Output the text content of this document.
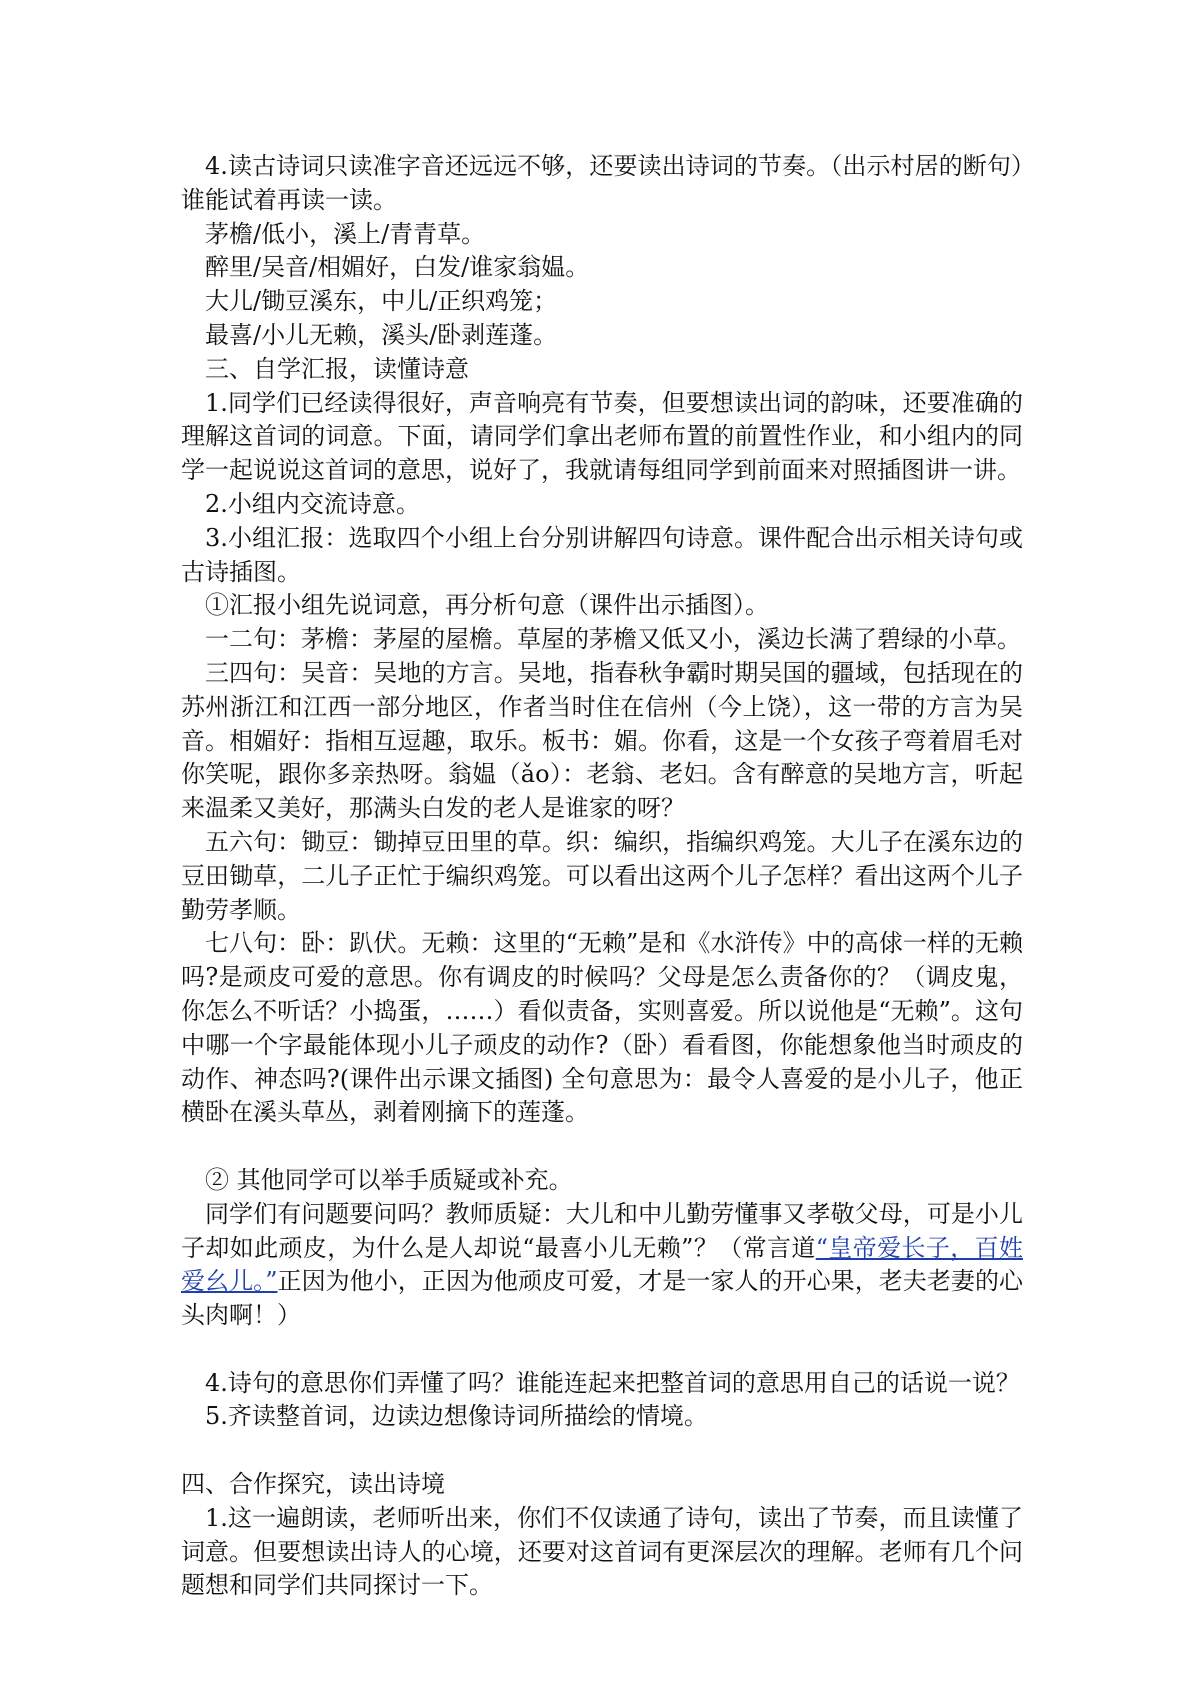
4.读古诗词只读准字音还远远不够，还要读出诗词的节奏。（出示村居的断句）谁能试着再读一读。

茅檐/低小，溪上/青青草。

醉里/吴音/相媚好，白发/谁家翁媪。

大儿/锄豆溪东，中儿/正织鸡笼；

最喜/小儿无赖，溪头/卧剥莲蓬。

三、自学汇报，读懂诗意

1.同学们已经读得很好，声音响亮有节奏，但要想读出词的韵味，还要准确的理解这首词的词意。下面，请同学们拿出老师布置的前置性作业，和小组内的同学一起说说这首词的意思，说好了，我就请每组同学到前面来对照插图讲一讲。

2.小组内交流诗意。

3.小组汇报：选取四个小组上台分别讲解四句诗意。课件配合出示相关诗句或古诗插图。

①汇报小组先说词意，再分析句意（课件出示插图）。

一二句：茅檐：茅屋的屋檐。草屋的茅檐又低又小，溪边长满了碧绿的小草。

三四句：吴音：吴地的方言。吴地，指春秋争霸时期吴国的疆域，包括现在的苏州浙江和江西一部分地区，作者当时住在信州（今上饶），这一带的方言为吴音。相媚好：指相互逗趣，取乐。板书：媚。你看，这是一个女孩子弯着眉毛对你笑呢，跟你多亲热呀。翁媪（ǎo）：老翁、老妇。含有醉意的吴地方言，听起来温柔又美好，那满头白发的老人是谁家的呀？

五六句：锄豆：锄掉豆田里的草。织：编织，指编织鸡笼。大儿子在溪东边的豆田锄草，二儿子正忙于编织鸡笼。可以看出这两个儿子怎样？看出这两个儿子勤劳孝顺。

七八句：卧：趴伏。无赖：这里的“无赖”是和《水浒传》中的高俅一样的无赖吗?是顽皮可爱的意思。你有调皮的时候吗？父母是怎么责备你的？（调皮鬼，你怎么不听话？小捣蛋，……）看似责备，实则喜爱。所以说他是“无赖”。这句中哪一个字最能体现小儿子顽皮的动作?（卧）看看图，你能想象他当时顽皮的动作、神态吗?(课件出示课文插图) 全句意思为：最令人喜爱的是小儿子，他正横卧在溪头草丛，剥着刚摘下的莲蓬。

② 其他同学可以举手质疑或补充。

同学们有问题要问吗？教师质疑：大儿和中儿勤劳懂事又孝敬父母，可是小儿子却如此顽皮，为什么是人却说“最喜小儿无赖”？（常言道“皇帝爱长子，百姓爱幺儿。”正因为他小，正因为他顽皮可爱，才是一家人的开心果，老夫老妻的心头肉啊！）

4.诗句的意思你们弄懂了吗？谁能连起来把整首词的意思用自己的话说一说？

5.齐读整首词，边读边想像诗词所描绘的情境。

四、合作探究，读出诗境

1.这一遍朗读，老师听出来，你们不仅读通了诗句，读出了节奏，而且读懂了词意。但要想读出诗人的心境，还要对这首词有更深层次的理解。老师有几个问题想和同学们共同探讨一下。
